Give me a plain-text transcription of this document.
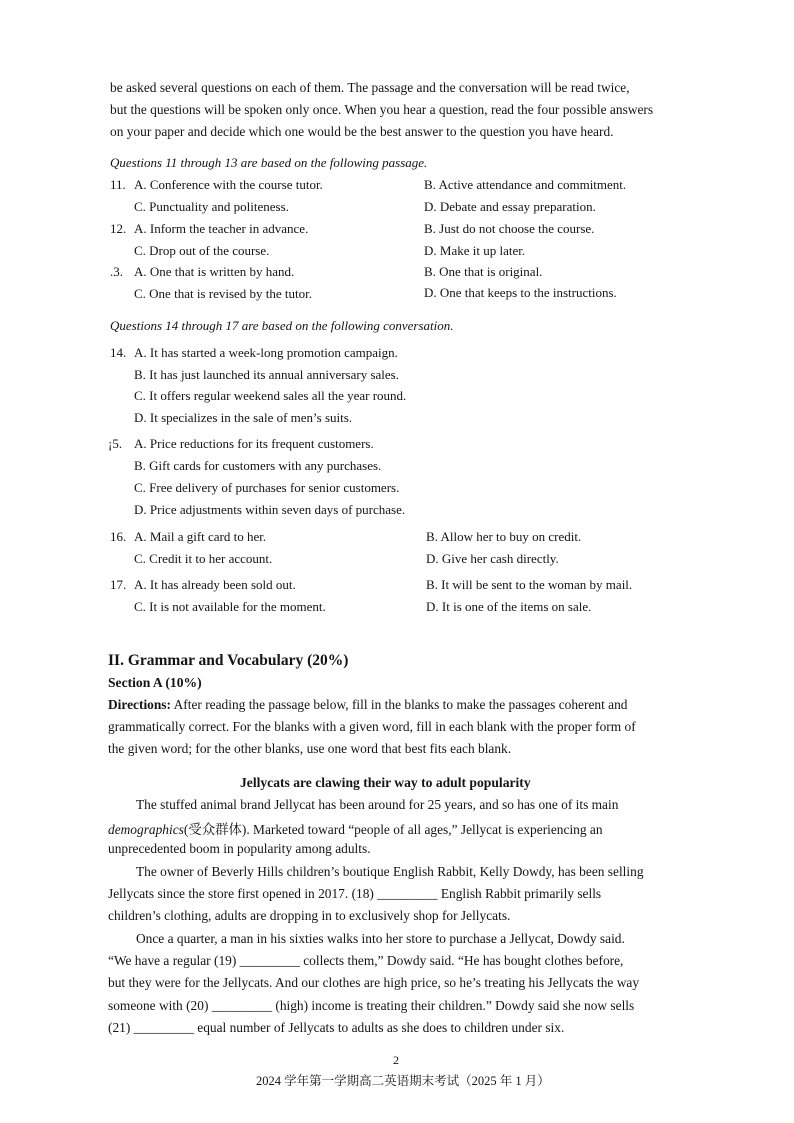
be asked several questions on each of them. The passage and the conversation will be read twice,
but the questions will be spoken only once. When you hear a question, read the four possible answers
on your paper and decide which one would be the best answer to the question you have heard.
Questions 11 through 13 are based on the following passage.
11. A. Conference with the course tutor.	B. Active attendance and commitment.
C. Punctuality and politeness.	D. Debate and essay preparation.
12. A. Inform the teacher in advance.	B. Just do not choose the course.
C. Drop out of the course.	D. Make it up later.
.3. A. One that is written by hand.	B. One that is original.
C. One that is revised by the tutor.	D. One that keeps to the instructions.
Questions 14 through 17 are based on the following conversation.
14. A. It has started a week-long promotion campaign.
B. It has just launched its annual anniversary sales.
C. It offers regular weekend sales all the year round.
D. It specializes in the sale of men’s suits.
¡5. A. Price reductions for its frequent customers.
B. Gift cards for customers with any purchases.
C. Free delivery of purchases for senior customers.
D. Price adjustments within seven days of purchase.
16. A. Mail a gift card to her.	B. Allow her to buy on credit.
C. Credit it to her account.	D. Give her cash directly.
17. A. It has already been sold out.	B. It will be sent to the woman by mail.
C. It is not available for the moment.	D. It is one of the items on sale.
II. Grammar and Vocabulary (20%)
Section A (10%)
Directions: After reading the passage below, fill in the blanks to make the passages coherent and
grammatically correct. For the blanks with a given word, fill in each blank with the proper form of
the given word; for the other blanks, use one word that best fits each blank.
Jellycats are clawing their way to adult popularity
The stuffed animal brand Jellycat has been around for 25 years, and so has one of its main
demographics(受众群体). Marketed toward “people of all ages,” Jellycat is experiencing an
unprecedented boom in popularity among adults.
The owner of Beverly Hills children’s boutique English Rabbit, Kelly Dowdy, has been selling
Jellycats since the store first opened in 2017. (18) _________ English Rabbit primarily sells
children’s clothing, adults are dropping in to exclusively shop for Jellycats.
Once a quarter, a man in his sixties walks into her store to purchase a Jellycat, Dowdy said.
“We have a regular (19) _________ collects them,” Dowdy said. “He has bought clothes before,
but they were for the Jellycats. And our clothes are high price, so he’s treating his Jellycats the way
someone with (20) _________ (high) income is treating their children.” Dowdy said she now sells
(21) _________ equal number of Jellycats to adults as she does to children under six.
2
2024 学年第一学期高二英语期末考试（2025 年 1 月）
